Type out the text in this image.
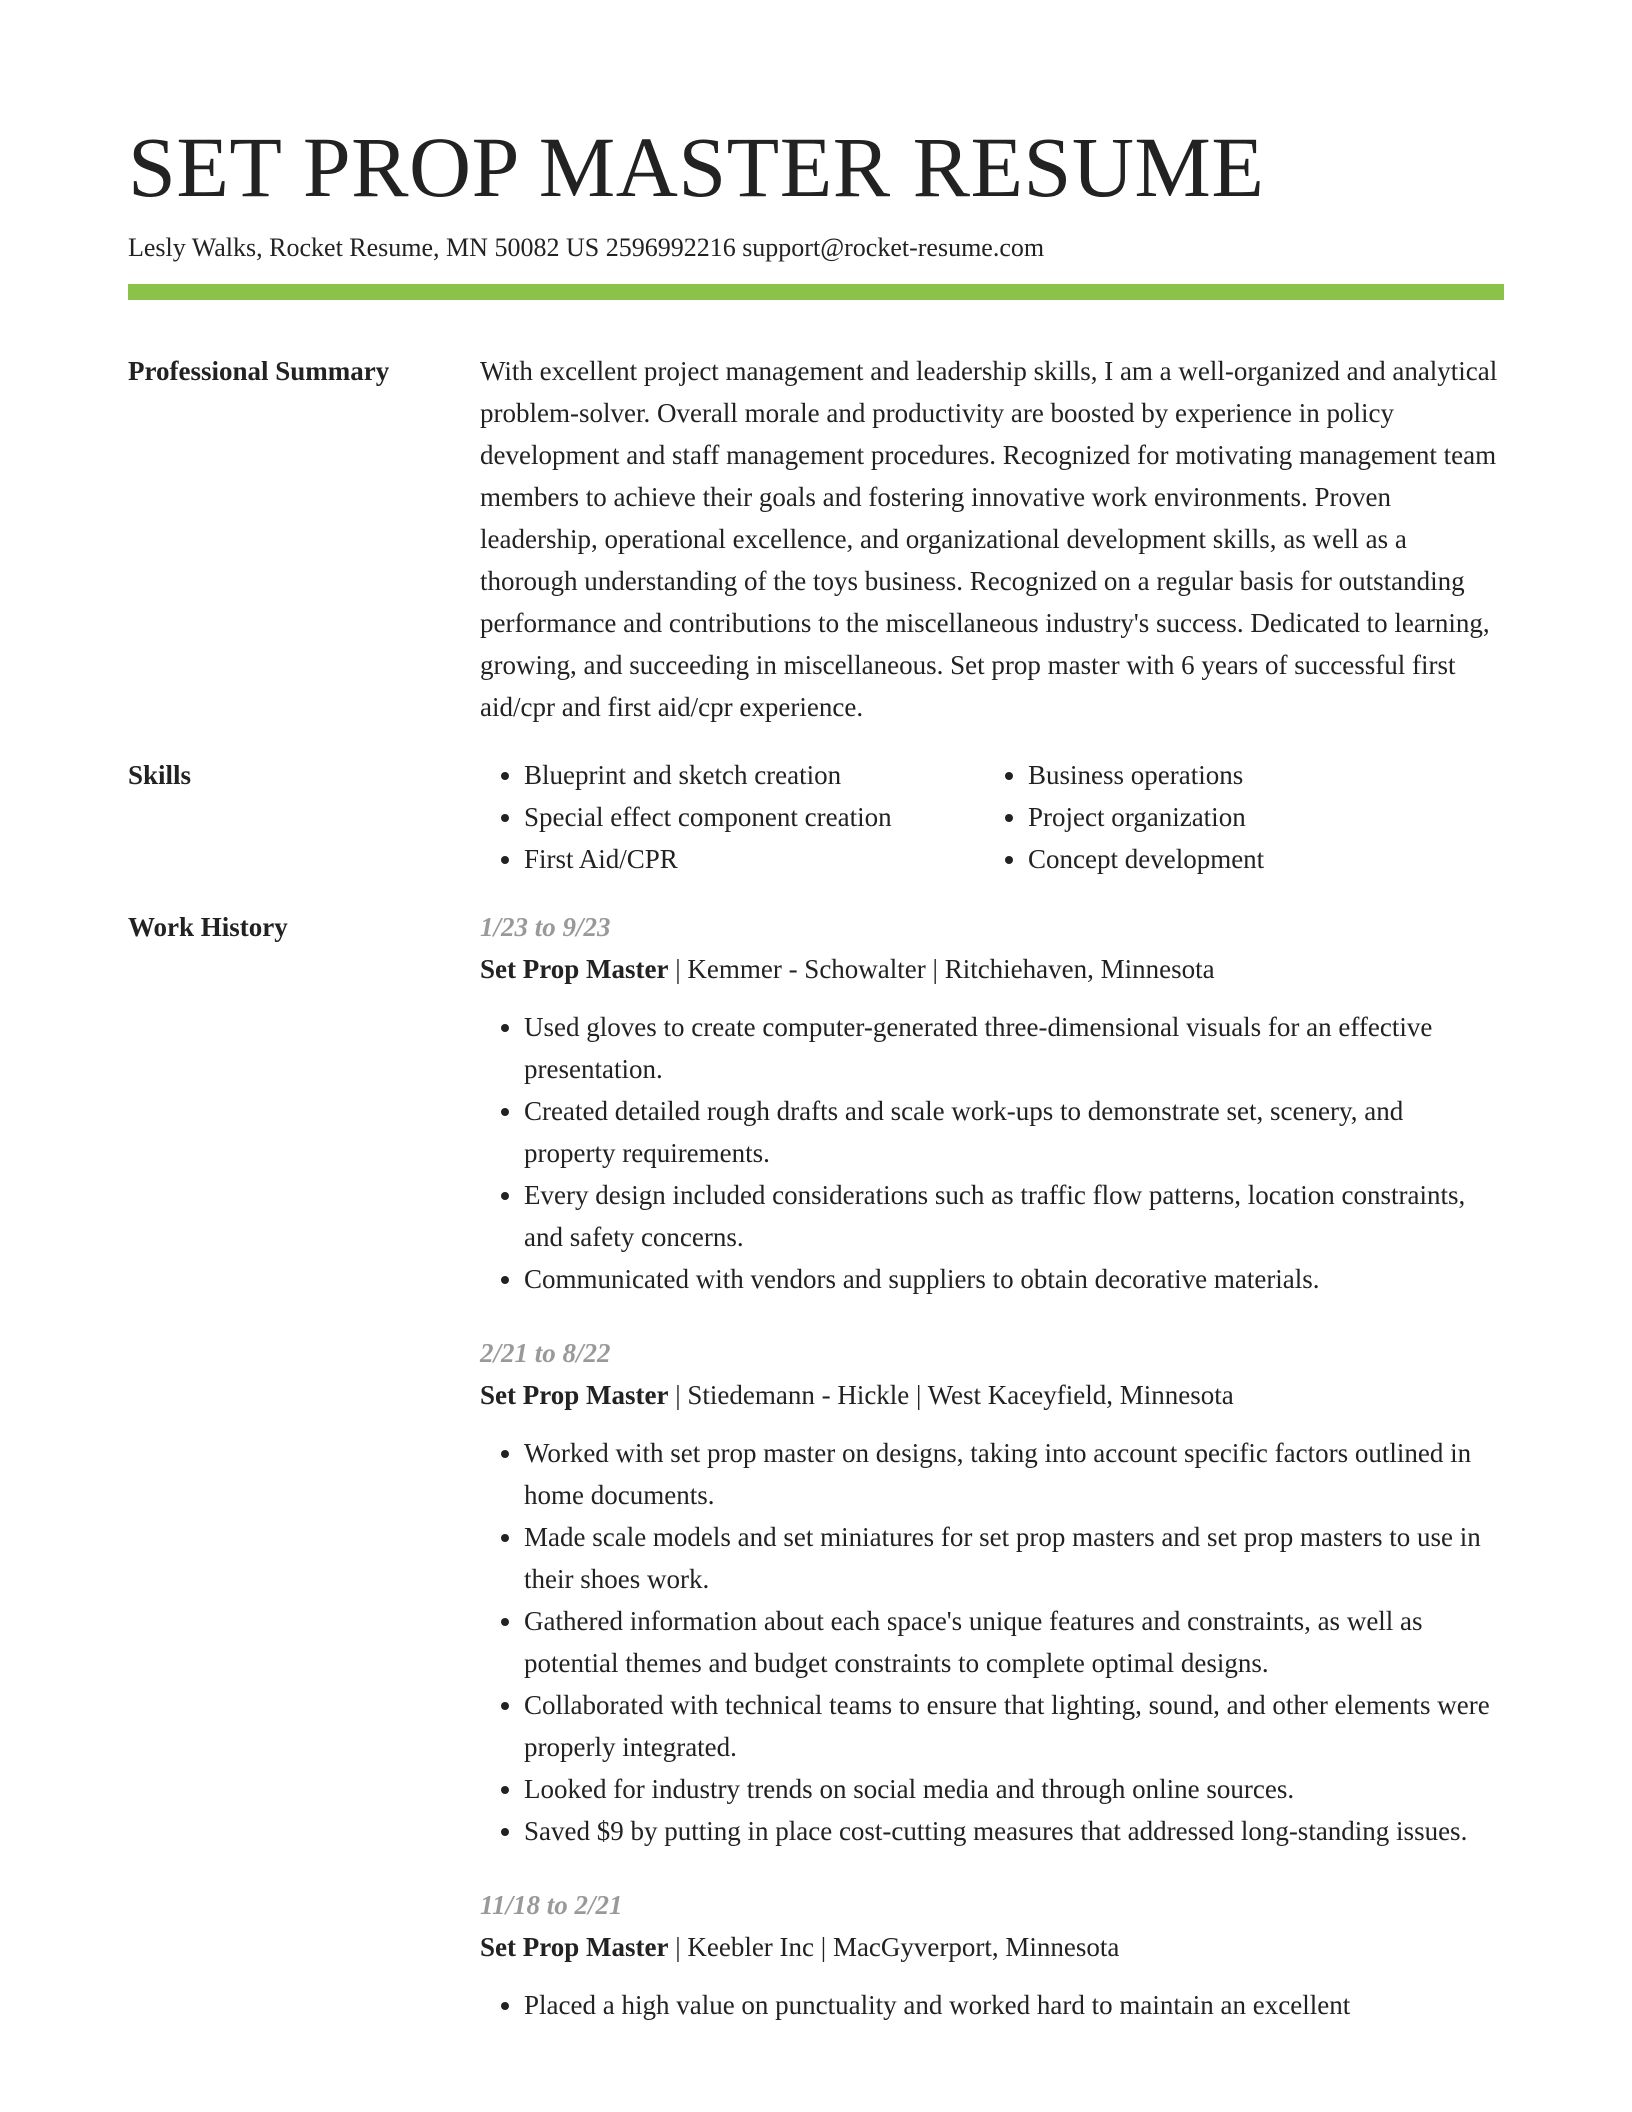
SET PROP MASTER RESUME
Lesly Walks, Rocket Resume, MN 50082 US 2596992216 support@rocket-resume.com
Professional Summary	With excellent project management and leadership skills, I am a well-organized and analytical problem-solver. Overall morale and productivity are boosted by experience in policy development and staff management procedures. Recognized for motivating management team members to achieve their goals and fostering innovative work environments. Proven leadership, operational excellence, and organizational development skills, as well as a thorough understanding of the toys business. Recognized on a regular basis for outstanding performance and contributions to the miscellaneous industry's success. Dedicated to learning, growing, and succeeding in miscellaneous. Set prop master with 6 years of successful first aid/cpr and first aid/cpr experience.

Skills
•	Blueprint and sketch creation
• Special effect component creation
• First Aid/CPR
• Business operations
• Project organization
• Concept development
Work History	1/23 to 9/23
Set Prop Master | Kemmer - Schowalter | Ritchiehaven, Minnesota
• Used gloves to create computer-generated three-dimensional visuals for an effective presentation.
• Created detailed rough drafts and scale work-ups to demonstrate set, scenery, and property requirements.
• Every design included considerations such as traffic flow patterns, location constraints, and safety concerns.
• Communicated with vendors and suppliers to obtain decorative materials.
2/21 to 8/22
Set Prop Master | Stiedemann - Hickle | West Kaceyfield, Minnesota
• Worked with set prop master on designs, taking into account specific factors outlined in home documents.
• Made scale models and set miniatures for set prop masters and set prop masters to use in their shoes work.
• Gathered information about each space's unique features and constraints, as well as potential themes and budget constraints to complete optimal designs.
• Collaborated with technical teams to ensure that lighting, sound, and other elements were properly integrated.
• Looked for industry trends on social media and through online sources.
• Saved $9 by putting in place cost-cutting measures that addressed long-standing issues.
11/18 to 2/21
Set Prop Master | Keebler Inc | MacGyverport, Minnesota
• Placed a high value on punctuality and worked hard to maintain an excellent
